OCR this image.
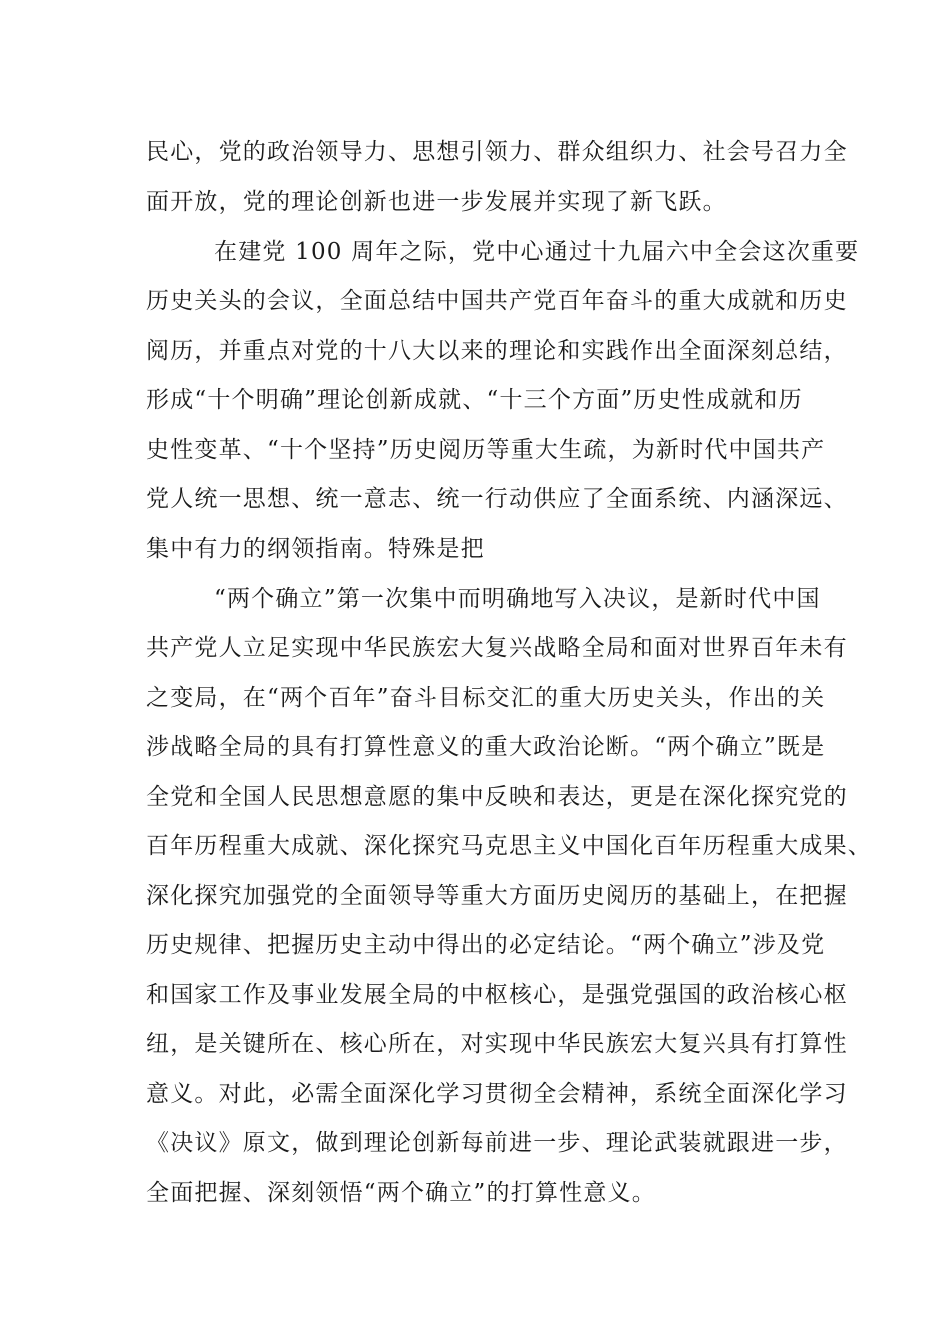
民心，党的政治领导力、思想引领力、群众组织力、社会号召力全
面开放，党的理论创新也进一步发展并实现了新飞跃。
在建党 100 周年之际，党中心通过十九届六中全会这次重要
历史关头的会议，全面总结中国共产党百年奋斗的重大成就和历史
阅历，并重点对党的十八大以来的理论和实践作出全面深刻总结，
形成“十个明确”理论创新成就、“十三个方面”历史性成就和历
史性变革、“十个坚持”历史阅历等重大生疏，为新时代中国共产
党人统一思想、统一意志、统一行动供应了全面系统、内涵深远、
集中有力的纲领指南。特殊是把
“两个确立”第一次集中而明确地写入决议，是新时代中国
共产党人立足实现中华民族宏大复兴战略全局和面对世界百年未有
之变局，在“两个百年”奋斗目标交汇的重大历史关头，作出的关
涉战略全局的具有打算性意义的重大政治论断。“两个确立”既是
全党和全国人民思想意愿的集中反映和表达，更是在深化探究党的
百年历程重大成就、深化探究马克思主义中国化百年历程重大成果、
深化探究加强党的全面领导等重大方面历史阅历的基础上，在把握
历史规律、把握历史主动中得出的必定结论。“两个确立”涉及党
和国家工作及事业发展全局的中枢核心，是强党强国的政治核心枢
纽，是关键所在、核心所在，对实现中华民族宏大复兴具有打算性
意义。对此，必需全面深化学习贯彻全会精神，系统全面深化学习
《决议》原文，做到理论创新每前进一步、理论武装就跟进一步，
全面把握、深刻领悟“两个确立”的打算性意义。
